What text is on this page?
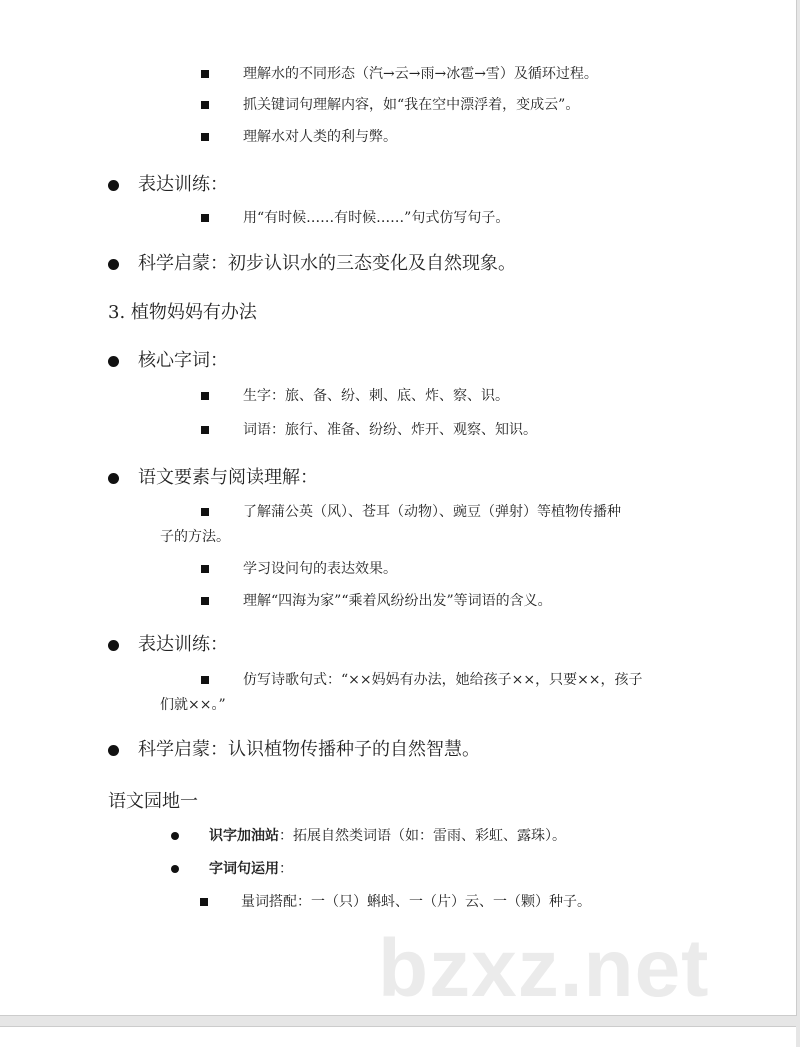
理解水的不同形态（汽→云→雨→冰雹→雪）及循环过程。
抓关键词句理解内容，如“我在空中漂浮着，变成云”。
理解水对人类的利与弊。
表达训练：
用“有时候……有时候……”句式仿写句子。
科学启蒙：初步认识水的三态变化及自然现象。
3. 植物妈妈有办法
核心字词：
生字：旅、备、纷、刺、底、炸、察、识。
词语：旅行、准备、纷纷、炸开、观察、知识。
语文要素与阅读理解：
了解蒲公英（风）、苍耳（动物）、豌豆（弹射）等植物传播种
子的方法。
学习设问句的表达效果。
理解“四海为家”“乘着风纷纷出发”等词语的含义。
表达训练：
仿写诗歌句式：“××妈妈有办法，她给孩子××，只要××，孩子
们就××。”
科学启蒙：认识植物传播种子的自然智慧。
语文园地一
识字加油站：拓展自然类词语（如：雷雨、彩虹、露珠）。
字词句运用：
量词搭配：一（只）蝌蚪、一（片）云、一（颗）种子。
bzxz.net
